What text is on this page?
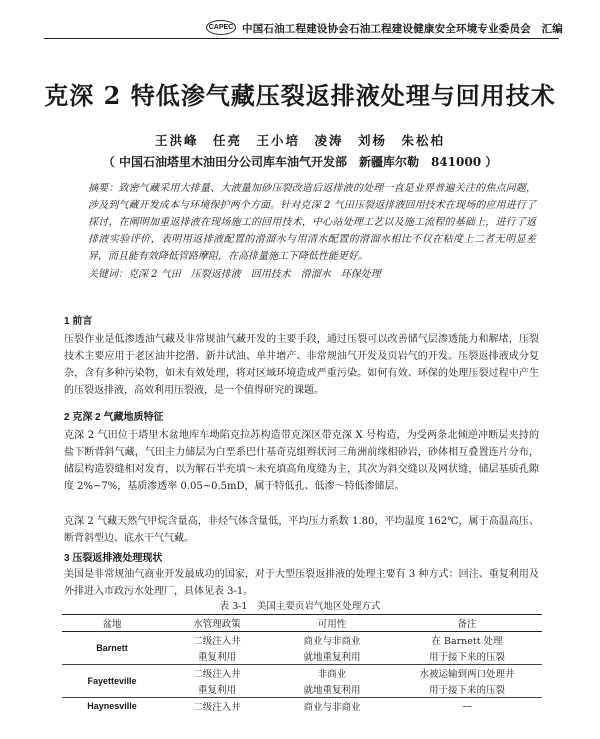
CAPEC 中国石油工程建设协会石油工程建设健康安全环境专业委员会　汇编
克深 2 特低渗气藏压裂返排液处理与回用技术
王洪峰　任亮　王小培　凌涛　刘杨　朱松柏
（ 中国石油塔里木油田分公司库车油气开发部　新疆库尔勒　841000 ）
摘要：致密气藏采用大排量、大液量加砂压裂改造后返排液的处理一直是业界普遍关注的焦点问题，涉及到气藏开发成本与环境保护两个方面。针对克深 2 气田压裂返排液回用技术在现场的应用进行了探讨，在阐明加重返排液在现场施工的回用技术，中心站处理工艺以及施工流程的基础上，进行了返排液实验评价，表明用返排液配置的滑溜水与用清水配置的滑溜水相比不仅在粘度上二者无明显差异，而且能有效降低管路摩阻，在高排量施工下降低性能更好。
关键词：克深 2 气田　压裂返排液　回用技术　滑溜水　环保处理
1 前言
压裂作业是低渗透油气藏及非常规油气藏开发的主要手段，通过压裂可以改善储气层渗透能力和解堵，压裂技术主要应用于老区油井挖潜、新井试油、单井增产、非常规油气开发及页岩气的开发。压裂返排液成分复杂，含有多种污染物，如未有效处理，将对区域环境造成严重污染。如何有效、环保的处理压裂过程中产生的压裂返排液，高效利用压裂液，是一个值得研究的课题。
2 克深 2 气藏地质特征
克深 2 气田位于塔里木盆地库车坳陷克拉苏构造带克深区带克深 X 号构造，为受两条北倾逆冲断层夹持的盐下断背斜气藏，气田主力储层为白垩系巴什基奇克组辫状河三角洲前缘相砂岩，砂体相互叠置连片分布，储层构造裂缝相对发育，以为解石半充填～未充填高角度缝为主，其次为斜交缝以及网状缝，储层基质孔隙度 2%~7%，基质渗透率 0.05~0.5mD，属于特低孔、低渗～特低渗储层。
克深 2 气藏天然气甲烷含量高，非烃气体含量低，平均压力系数 1.80，平均温度 162℃，属于高温高压、断背斜型边、底水干气气藏。
3 压裂返排液处理现状
美国是非常规油气商业开发最成功的国家，对于大型压裂返排液的处理主要有 3 种方式：回注、重复利用及外排进入市政污水处理厂，具体见表 3-1。
表 3-1　美国主要页岩气地区处理方式
盆地	水管理政策	可用性	备注
Barnett	二级注入井	商业与非商业	在 Barnett 处理
	重复利用	就地重复利用	用于接下来的压裂
Fayetteville	二级注入井	非商业	水被运输到两口处理井
	重复利用	就地重复利用	用于接下来的压裂
Haynesville	二级注入井	商业与非商业	—
